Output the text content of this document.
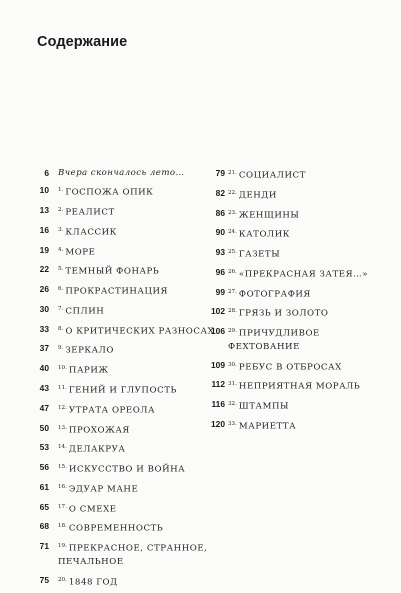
Содержание
6 Вчера скончалось лето…
10 $^{1.}$ ГОСПОЖА ОПИК
13 $^{2.}$ РЕАЛИСТ
16 $^{3.}$ КЛАССИК
19 $^{4.}$ МОРЕ
22 $^{5.}$ ТЕМНЫЙ ФОНАРЬ
26 $^{6.}$ ПРОКРАСТИНАЦИЯ
30 $^{7.}$ СПЛИН
33 $^{8.}$ О КРИТИЧЕСКИХ РАЗНОСАХ
37 $^{9.}$ ЗЕРКАЛО
40 $^{10.}$ ПАРИЖ
43 $^{11.}$ ГЕНИЙ И ГЛУПОСТЬ
47 $^{12.}$ УТРАТА ОРЕОЛА
50 $^{13.}$ ПРОХОЖАЯ
53 $^{14.}$ ДЕЛАКРУА
56 $^{15.}$ ИСКУССТВО И ВОЙНА
61 $^{16.}$ ЭДУАР МАНЕ
65 $^{17.}$ О СМЕХЕ
68 $^{18.}$ СОВРЕМЕННОСТЬ
71 $^{19.}$ ПРЕКРАСНОЕ, СТРАННОЕ, ПЕЧАЛЬНОЕ
75 $^{20.}$ 1848 ГОД
79 $^{21.}$ СОЦИАЛИСТ
82 $^{22.}$ ДЕНДИ
86 $^{23.}$ ЖЕНЩИНЫ
90 $^{24.}$ КАТОЛИК
93 $^{25.}$ ГАЗЕТЫ
96 $^{26.}$ «ПРЕКРАСНАЯ ЗАТЕЯ…»
99 $^{27.}$ ФОТОГРАФИЯ
102 $^{28.}$ ГРЯЗЬ И ЗОЛОТО
106 $^{29.}$ ПРИЧУДЛИВОЕ ФЕХТОВАНИЕ
109 $^{30.}$ РЕБУС В ОТБРОСАХ
112 $^{31.}$ НЕПРИЯТНАЯ МОРАЛЬ
116 $^{32.}$ ШТАМПЫ
120 $^{33.}$ МАРИЕТТА
